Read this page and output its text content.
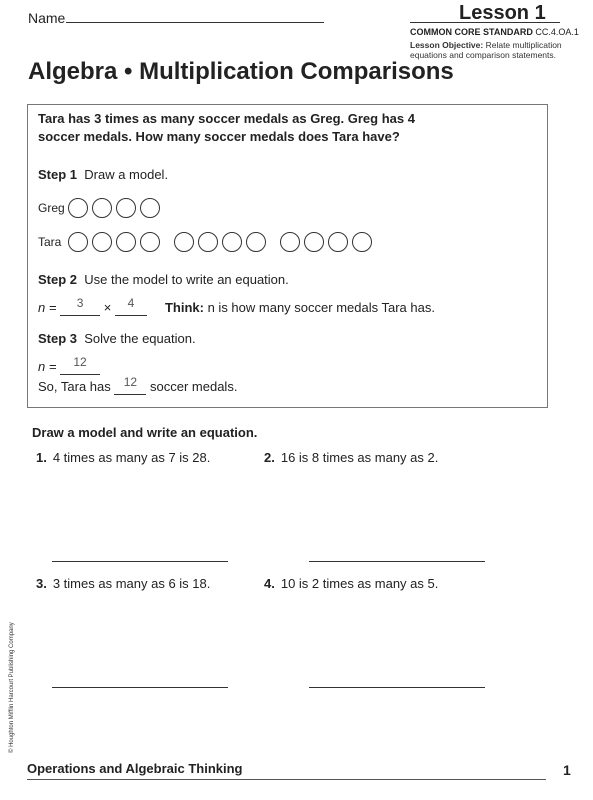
Name	Lesson 1
COMMON CORE STANDARD CC.4.OA.1
Lesson Objective: Relate multiplication equations and comparison statements.
Algebra • Multiplication Comparisons
Tara has 3 times as many soccer medals as Greg. Greg has 4 soccer medals. How many soccer medals does Tara have?
Step 1 Draw a model.
Greg
Tara
Step 2 Use the model to write an equation.
n = 3 × 4 Think: n is how many soccer medals Tara has.
Step 3 Solve the equation.
n = 12
So, Tara has 12 soccer medals.
Draw a model and write an equation.
1. 4 times as many as 7 is 28.	2. 16 is 8 times as many as 2.
3. 3 times as many as 6 is 18.	4. 10 is 2 times as many as 5.
© Houghton Mifflin Harcourt Publishing Company
Operations and Algebraic Thinking	1
